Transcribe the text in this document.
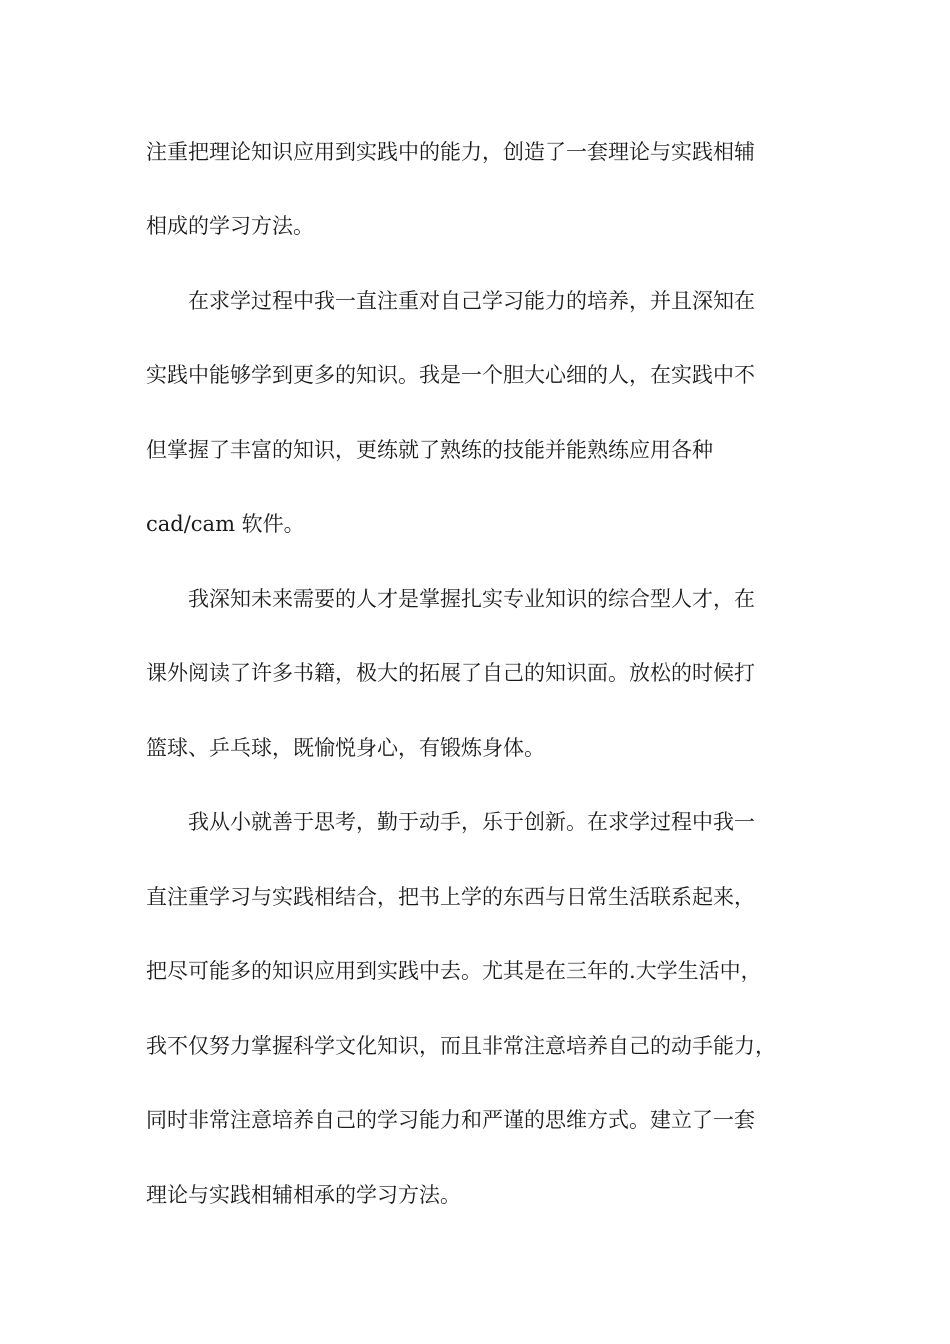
注重把理论知识应用到实践中的能力，创造了一套理论与实践相辅
相成的学习方法。
在求学过程中我一直注重对自己学习能力的培养，并且深知在
实践中能够学到更多的知识。我是一个胆大心细的人，在实践中不
但掌握了丰富的知识，更练就了熟练的技能并能熟练应用各种
cad/cam 软件。
我深知未来需要的人才是掌握扎实专业知识的综合型人才，在
课外阅读了许多书籍，极大的拓展了自己的知识面。放松的时候打
篮球、乒乓球，既愉悦身心，有锻炼身体。
我从小就善于思考，勤于动手，乐于创新。在求学过程中我一
直注重学习与实践相结合，把书上学的东西与日常生活联系起来，
把尽可能多的知识应用到实践中去。尤其是在三年的.大学生活中，
我不仅努力掌握科学文化知识，而且非常注意培养自己的动手能力，
同时非常注意培养自己的学习能力和严谨的思维方式。建立了一套
理论与实践相辅相承的学习方法。
